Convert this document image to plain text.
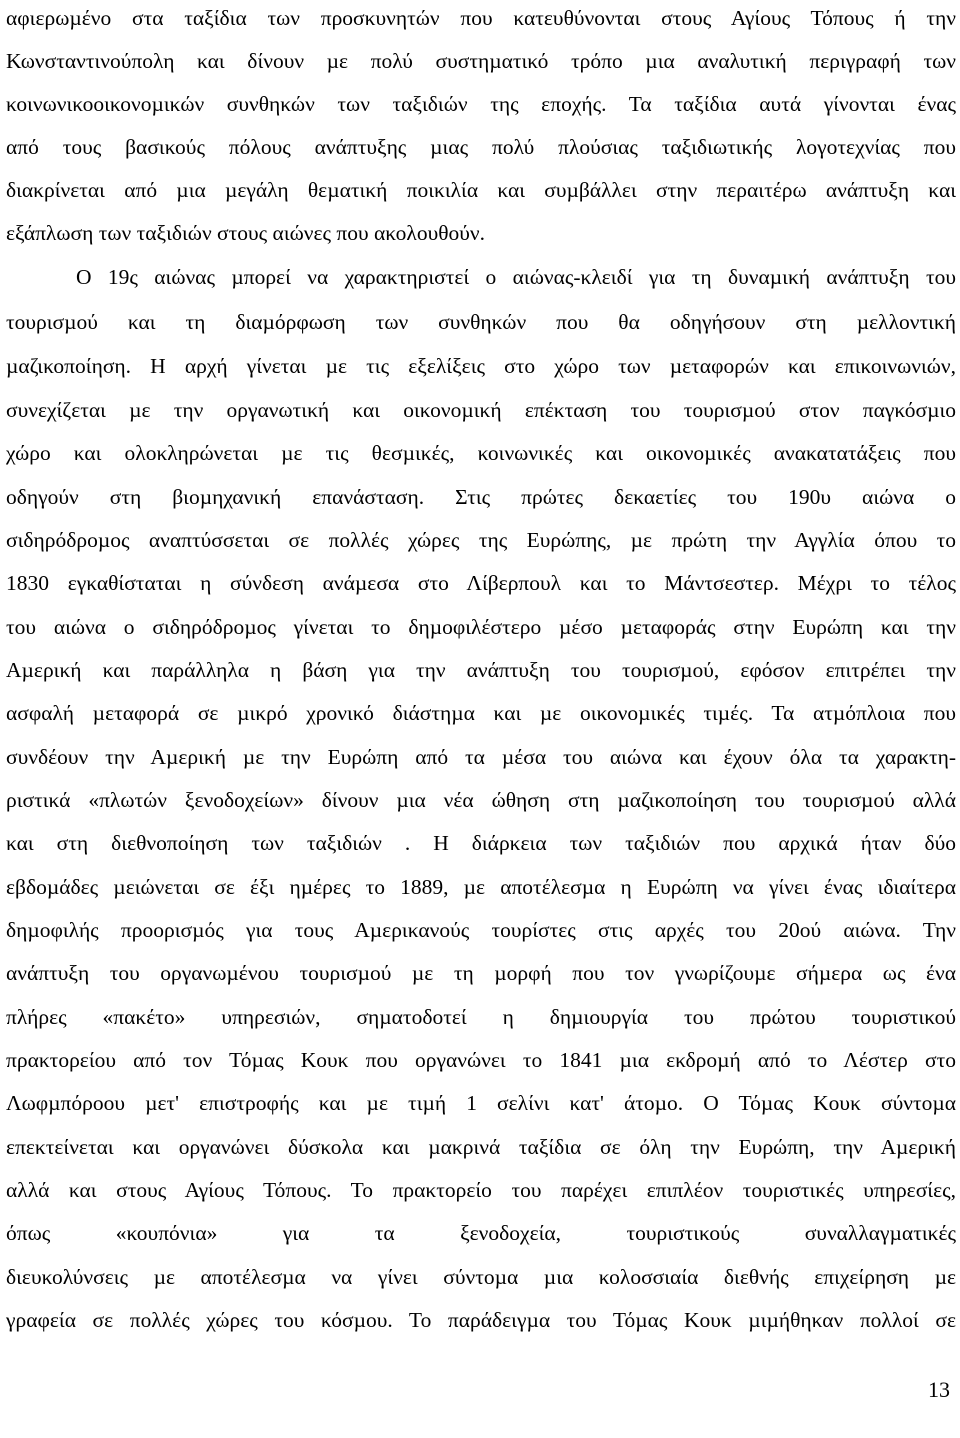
αφιερωµένο στα ταξίδια των προσκυνητών που κατευθύνονται στους Αγίους Τόπους ή την
Κωνσταντινούπολη και δίνουν µε πολύ συστηµατικό τρόπο µια αναλυτική περιγραφή των
κοινωνικοοικονοµικών συνθηκών των ταξιδιών της εποχής. Τα ταξίδια αυτά γίνονται ένας
από τους βασικούς πόλους ανάπτυξης µιας πολύ πλούσιας ταξιδιωτικής λογοτεχνίας που
διακρίνεται από µια µεγάλη θεµατική ποικιλία και συµβάλλει στην περαιτέρω ανάπτυξη και
εξάπλωση των ταξιδιών στους αιώνες που ακολουθούν.
Ο 19ς αιώνας µπορεί να χαρακτηριστεί ο αιώνας-κλειδί για τη δυναµική ανάπτυξη του
τουρισµού και τη διαµόρφωση των συνθηκών που θα οδηγήσουν στη µελλοντική
µαζικοποίηση. Η αρχή γίνεται µε τις εξελίξεις στο χώρο των µεταφορών και επικοινωνιών,
συνεχίζεται µε την οργανωτική και οικονοµική επέκταση του τουρισµού στον παγκόσµιο
χώρο και ολοκληρώνεται µε τις θεσµικές, κοινωνικές και οικονοµικές ανακατατάξεις που
οδηγούν στη βιοµηχανική επανάσταση. Στις πρώτες δεκαετίες του 190υ αιώνα ο
σιδηρόδροµος αναπτύσσεται σε πολλές χώρες της Ευρώπης, µε πρώτη την Αγγλία όπου το
1830 εγκαθίσταται η σύνδεση ανάµεσα στο Λίβερπουλ και το Μάντσεστερ. Μέχρι το τέλος
του αιώνα ο σιδηρόδροµος γίνεται το δηµοφιλέστερο µέσο µεταφοράς στην Ευρώπη και την
Αµερική και παράλληλα η βάση για την ανάπτυξη του τουρισµού, εφόσον επιτρέπει την
ασφαλή µεταφορά σε µικρό χρονικό διάστηµα και µε οικονοµικές τιµές. Τα ατµόπλοια που
συνδέουν την Αµερική µε την Ευρώπη από τα µέσα του αιώνα και έχουν όλα τα χαρακτη-
ριστικά «πλωτών ξενοδοχείων» δίνουν µια νέα ώθηση στη µαζικοποίηση του τουρισµού αλλά
και στη διεθνοποίηση των ταξιδιών . Η διάρκεια των ταξιδιών που αρχικά ήταν δύο
εβδοµάδες µειώνεται σε έξι ηµέρες το 1889, µε αποτέλεσµα η Ευρώπη να γίνει ένας ιδιαίτερα
δηµοφιλής προορισµός για τους Αµερικανούς τουρίστες στις αρχές του 20ού αιώνα. Την
ανάπτυξη του οργανωµένου τουρισµού µε τη µορφή που τον γνωρίζουµε σήµερα ως ένα
πλήρες «πακέτο» υπηρεσιών, σηµατοδοτεί η δηµιουργία του πρώτου τουριστικού
πρακτορείου από τον Τόµας Κουκ που οργανώνει το 1841 µια εκδροµή από το Λέστερ στο
Λωφµπόροου µετ' επιστροφής και µε τιµή 1 σελίνι κατ' άτοµο. Ο Τόµας Κουκ σύντοµα
επεκτείνεται και οργανώνει δύσκολα και µακρινά ταξίδια σε όλη την Ευρώπη, την Αµερική
αλλά και στους Αγίους Τόπους. Το πρακτορείο του παρέχει επιπλέον τουριστικές υπηρεσίες,
όπως «κουπόνια» για τα ξενοδοχεία, τουριστικούς συναλλαγµατικές
διευκολύνσεις µε αποτέλεσµα να γίνει σύντοµα µια κολοσσιαία διεθνής επιχείρηση µε
γραφεία σε πολλές χώρες του κόσµου. Το παράδειγµα του Τόµας Κουκ µιµήθηκαν πολλοί σε
13
